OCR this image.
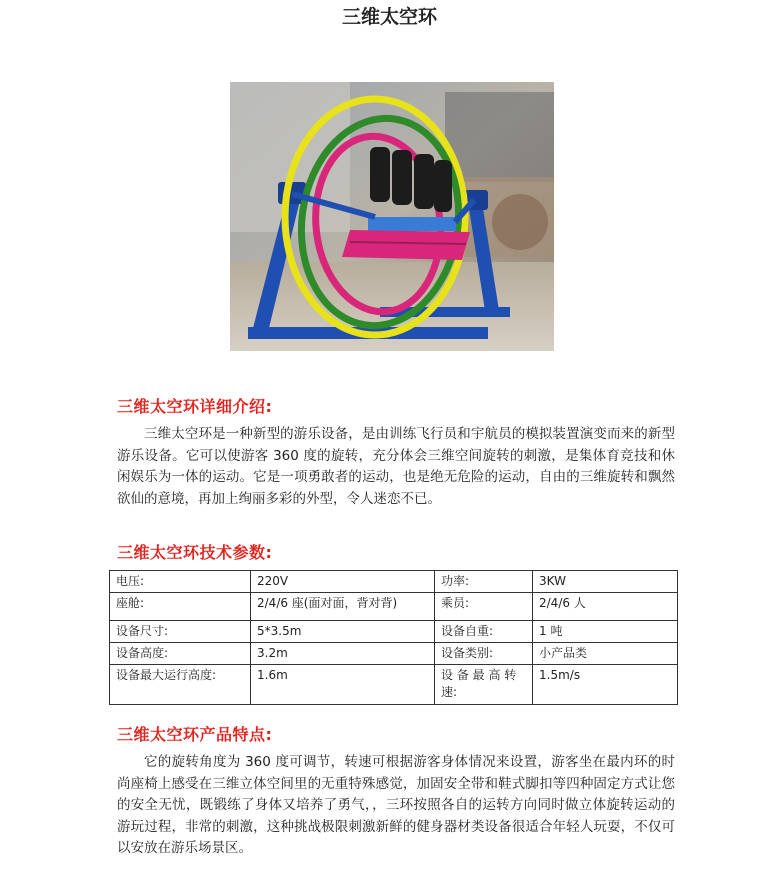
三维太空环
三维太空环详细介绍:

三维太空环是一种新型的游乐设备，是由训练飞行员和宇航员的模拟装置演变而来的新型游乐设备。它可以使游客 360 度的旋转，充分体会三维空间旋转的刺激，是集体育竞技和休闲娱乐为一体的运动。它是一项勇敢者的运动，也是绝无危险的运动，自由的三维旋转和飘然欲仙的意境，再加上绚丽多彩的外型，令人迷恋不已。

三维太空环技术参数:
电压:	220V	功率:	3KW
座舱:	2/4/6 座(面对面，背对背)	乘员:	2/4/6 人
设备尺寸:	5*3.5m	设备自重:	1 吨
设备高度:	3.2m	设备类别:	小产品类
设备最大运行高度:	1.6m	设 备 最 高 转 速:	1.5m/s
三维太空环产品特点:

它的旋转角度为 360 度可调节，转速可根据游客身体情况来设置，游客坐在最内环的时尚座椅上感受在三维立体空间里的无重特殊感觉，加固安全带和鞋式脚扣等四种固定方式让您的安全无忧，既锻练了身体又培养了勇气，，三环按照各自的运转方向同时做立体旋转运动的游玩过程，非常的刺激，这种挑战极限刺激新鲜的健身器材类设备很适合年轻人玩耍，不仅可以安放在游乐场景区。
